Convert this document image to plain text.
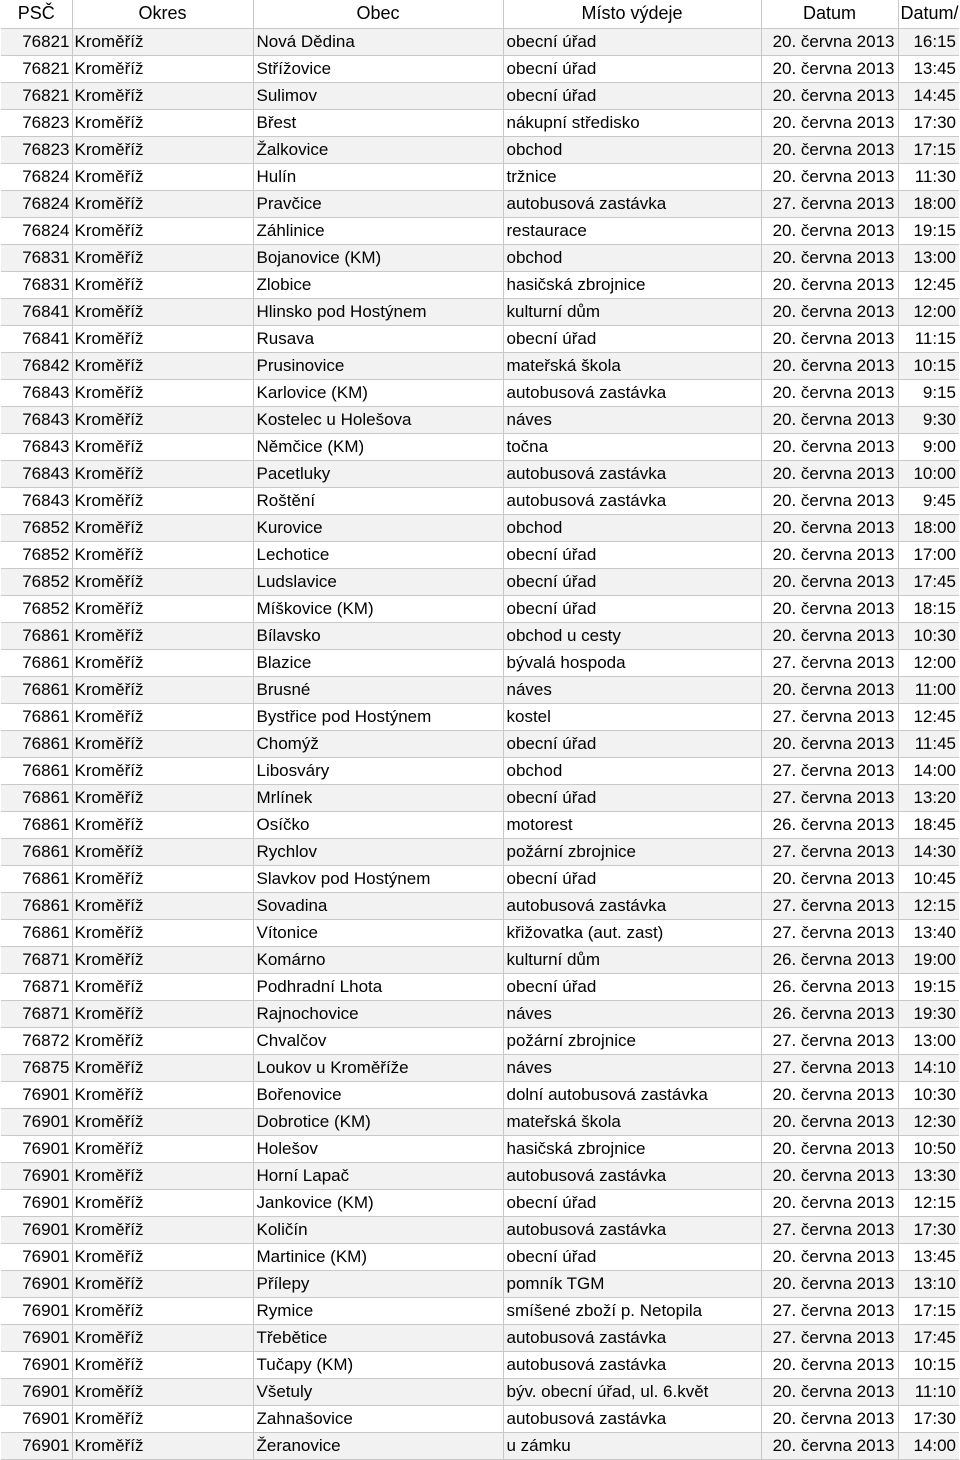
PSČ	Okres	Obec	Místo výdeje	Datum	Datum/
76821	Kroměříž	Nová Dědina	obecní úřad	20. června 2013	16:15
76821	Kroměříž	Střížovice	obecní úřad	20. června 2013	13:45
76821	Kroměříž	Sulimov	obecní úřad	20. června 2013	14:45
76823	Kroměříž	Břest	nákupní středisko	20. června 2013	17:30
76823	Kroměříž	Žalkovice	obchod	20. června 2013	17:15
76824	Kroměříž	Hulín	tržnice	20. června 2013	11:30
76824	Kroměříž	Pravčice	autobusová zastávka	27. června 2013	18:00
76824	Kroměříž	Záhlinice	restaurace	20. června 2013	19:15
76831	Kroměříž	Bojanovice (KM)	obchod	20. června 2013	13:00
76831	Kroměříž	Zlobice	hasičská zbrojnice	20. června 2013	12:45
76841	Kroměříž	Hlinsko pod Hostýnem	kulturní dům	20. června 2013	12:00
76841	Kroměříž	Rusava	obecní úřad	20. června 2013	11:15
76842	Kroměříž	Prusinovice	mateřská škola	20. června 2013	10:15
76843	Kroměříž	Karlovice (KM)	autobusová zastávka	20. června 2013	9:15
76843	Kroměříž	Kostelec u Holešova	náves	20. června 2013	9:30
76843	Kroměříž	Němčice (KM)	točna	20. června 2013	9:00
76843	Kroměříž	Pacetluky	autobusová zastávka	20. června 2013	10:00
76843	Kroměříž	Roštění	autobusová zastávka	20. června 2013	9:45
76852	Kroměříž	Kurovice	obchod	20. června 2013	18:00
76852	Kroměříž	Lechotice	obecní úřad	20. června 2013	17:00
76852	Kroměříž	Ludslavice	obecní úřad	20. června 2013	17:45
76852	Kroměříž	Míškovice (KM)	obecní úřad	20. června 2013	18:15
76861	Kroměříž	Bílavsko	obchod u cesty	20. června 2013	10:30
76861	Kroměříž	Blazice	bývalá hospoda	27. června 2013	12:00
76861	Kroměříž	Brusné	náves	20. června 2013	11:00
76861	Kroměříž	Bystřice pod Hostýnem	kostel	27. června 2013	12:45
76861	Kroměříž	Chomýž	obecní úřad	20. června 2013	11:45
76861	Kroměříž	Libosváry	obchod	27. června 2013	14:00
76861	Kroměříž	Mrlínek	obecní úřad	27. června 2013	13:20
76861	Kroměříž	Osíčko	motorest	26. června 2013	18:45
76861	Kroměříž	Rychlov	požární zbrojnice	27. června 2013	14:30
76861	Kroměříž	Slavkov pod Hostýnem	obecní úřad	20. června 2013	10:45
76861	Kroměříž	Sovadina	autobusová zastávka	27. června 2013	12:15
76861	Kroměříž	Vítonice	křižovatka (aut. zast)	27. června 2013	13:40
76871	Kroměříž	Komárno	kulturní dům	26. června 2013	19:00
76871	Kroměříž	Podhradní Lhota	obecní úřad	26. června 2013	19:15
76871	Kroměříž	Rajnochovice	náves	26. června 2013	19:30
76872	Kroměříž	Chvalčov	požární zbrojnice	27. června 2013	13:00
76875	Kroměříž	Loukov u Kroměříže	náves	27. června 2013	14:10
76901	Kroměříž	Bořenovice	dolní autobusová zastávka	20. června 2013	10:30
76901	Kroměříž	Dobrotice (KM)	mateřská škola	20. června 2013	12:30
76901	Kroměříž	Holešov	hasičská zbrojnice	20. června 2013	10:50
76901	Kroměříž	Horní Lapač	autobusová zastávka	20. června 2013	13:30
76901	Kroměříž	Jankovice (KM)	obecní úřad	20. června 2013	12:15
76901	Kroměříž	Količín	autobusová zastávka	27. června 2013	17:30
76901	Kroměříž	Martinice (KM)	obecní úřad	20. června 2013	13:45
76901	Kroměříž	Přílepy	pomník TGM	20. června 2013	13:10
76901	Kroměříž	Rymice	smíšené zboží p. Netopila	27. června 2013	17:15
76901	Kroměříž	Třebětice	autobusová zastávka	27. června 2013	17:45
76901	Kroměříž	Tučapy (KM)	autobusová zastávka	20. června 2013	10:15
76901	Kroměříž	Všetuly	býv. obecní úřad, ul. 6.květ	20. června 2013	11:10
76901	Kroměříž	Zahnašovice	autobusová zastávka	20. června 2013	17:30
76901	Kroměříž	Žeranovice	u zámku	20. června 2013	14:00
